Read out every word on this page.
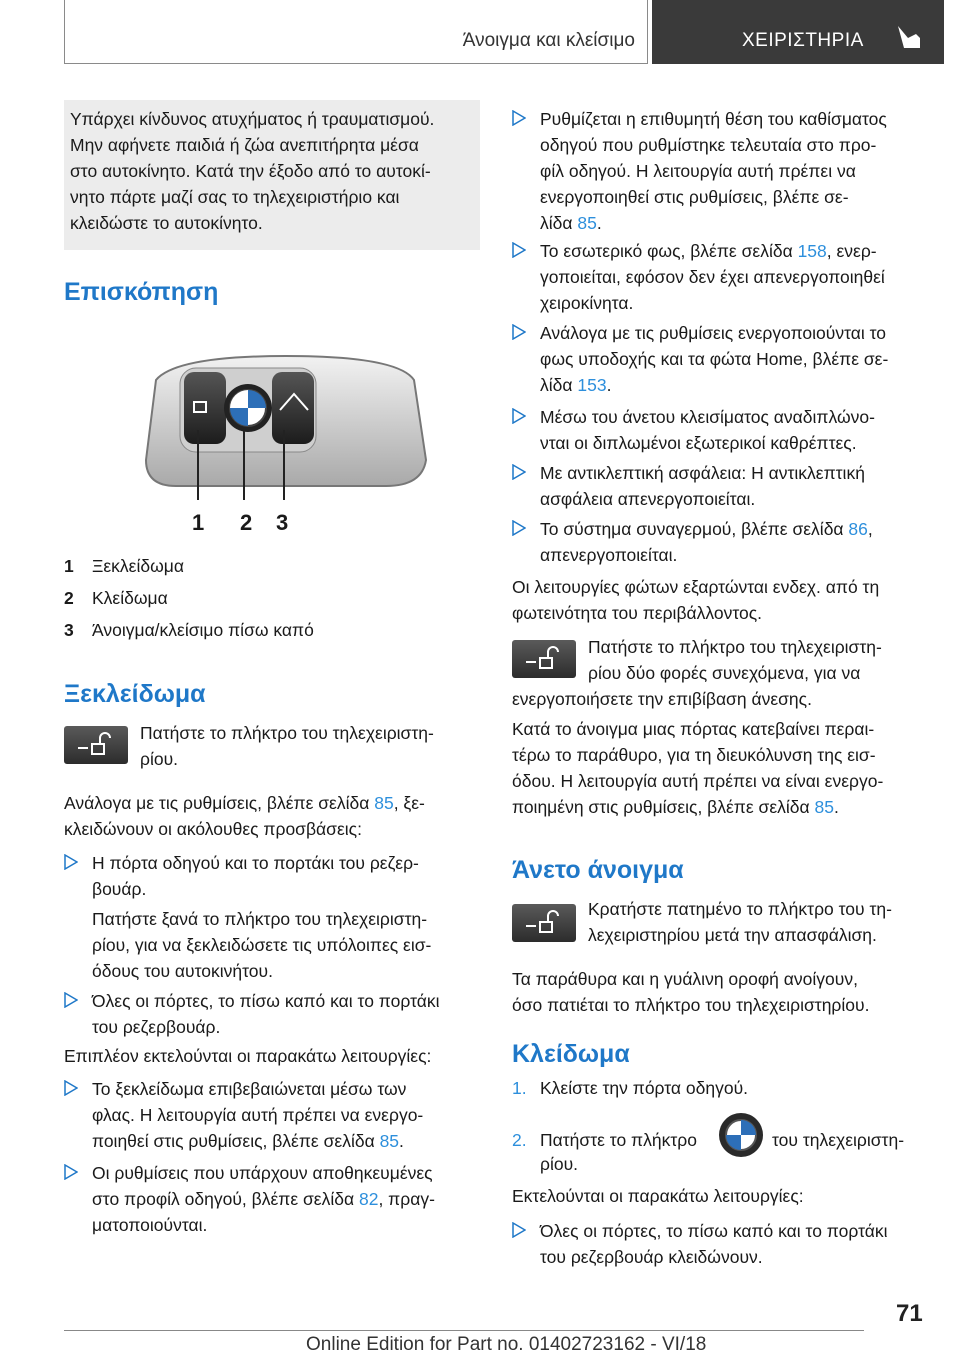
Άνοιγμα και κλείσιμο	ΧΕΙΡΙΣΤΗΡΙΑ

Υπάρχει κίνδυνος ατυχήματος ή τραυματισμού.

Μην αφήνετε παιδιά ή ζώα ανεπιτήρητα μέσα

στο αυτοκίνητο. Κατά την έξοδο από το αυτοκί-

νητο πάρτε μαζί σας το τηλεχειριστήριο και

κλειδώστε το αυτοκίνητο.

Επισκόπηση
1 2 3
1 Ξεκλείδωμα
2 Κλείδωμα
3 Άνοιγμα/κλείσιμο πίσω καπό
Ξεκλείδωμα
Πατήστε το πλήκτρο του τηλεχειριστη-
ρίου.
Ανάλογα με τις ρυθμίσεις, βλέπε σελίδα 85, ξε-
κλειδώνουν οι ακόλουθες προσβάσεις:
Η πόρτα οδηγού και το πορτάκι του ρεζερ-
βουάρ.
Πατήστε ξανά το πλήκτρο του τηλεχειριστη-
ρίου, για να ξεκλειδώσετε τις υπόλοιπες εισ-
όδους του αυτοκινήτου.
Όλες οι πόρτες, το πίσω καπό και το πορτάκι
του ρεζερβουάρ.

Επιπλέον εκτελούνται οι παρακάτω λειτουργίες:

Το ξεκλείδωμα επιβεβαιώνεται μέσω των
φλας. Η λειτουργία αυτή πρέπει να ενεργο-
ποιηθεί στις ρυθμίσεις, βλέπε σελίδα 85.
Οι ρυθμίσεις που υπάρχουν αποθηκευμένες
στο προφίλ οδηγού, βλέπε σελίδα 82, πραγ-
ματοποιούνται.
Ρυθμίζεται η επιθυμητή θέση του καθίσματος
οδηγού που ρυθμίστηκε τελευταία στο προ-
φίλ οδηγού. Η λειτουργία αυτή πρέπει να
ενεργοποιηθεί στις ρυθμίσεις, βλέπε σε-
λίδα 85.
Το εσωτερικό φως, βλέπε σελίδα 158, ενερ-
γοποιείται, εφόσον δεν έχει απενεργοποιηθεί
χειροκίνητα.
Ανάλογα με τις ρυθμίσεις ενεργοποιούνται το
φως υποδοχής και τα φώτα Home, βλέπε σε-
λίδα 153.
Μέσω του άνετου κλεισίματος αναδιπλώνο-
νται οι διπλωμένοι εξωτερικοί καθρέπτες.
Με αντικλεπτική ασφάλεια: Η αντικλεπτική
ασφάλεια απενεργοποιείται.
Το σύστημα συναγερμού, βλέπε σελίδα 86,
απενεργοποιείται.
Οι λειτουργίες φώτων εξαρτώνται ενδεχ. από τη
φωτεινότητα του περιβάλλοντος.
Πατήστε το πλήκτρο του τηλεχειριστη-
ρίου δύο φορές συνεχόμενα, για να
ενεργοποιήσετε την επιβίβαση άνεσης.
Κατά το άνοιγμα μιας πόρτας κατεβαίνει περαι-
τέρω το παράθυρο, για τη διευκόλυνση της εισ-
όδου. Η λειτουργία αυτή πρέπει να είναι ενεργο-
ποιημένη στις ρυθμίσεις, βλέπε σελίδα 85.
Άνετο άνοιγμα
Κρατήστε πατημένο το πλήκτρο του τη-
λεχειριστηρίου μετά την απασφάλιση.
Τα παράθυρα και η γυάλινη οροφή ανοίγουν,
όσο πατιέται το πλήκτρο του τηλεχειριστηρίου.
Κλείδωμα
1. Κλείστε την πόρτα οδηγού.
2. Πατήστε το πλήκτρο	του τηλεχειριστη-
ρίου.

Εκτελούνται οι παρακάτω λειτουργίες:

Όλες οι πόρτες, το πίσω καπό και το πορτάκι
του ρεζερβουάρ κλειδώνουν.
71
Online Edition for Part no. 01402723162 - VI/18
